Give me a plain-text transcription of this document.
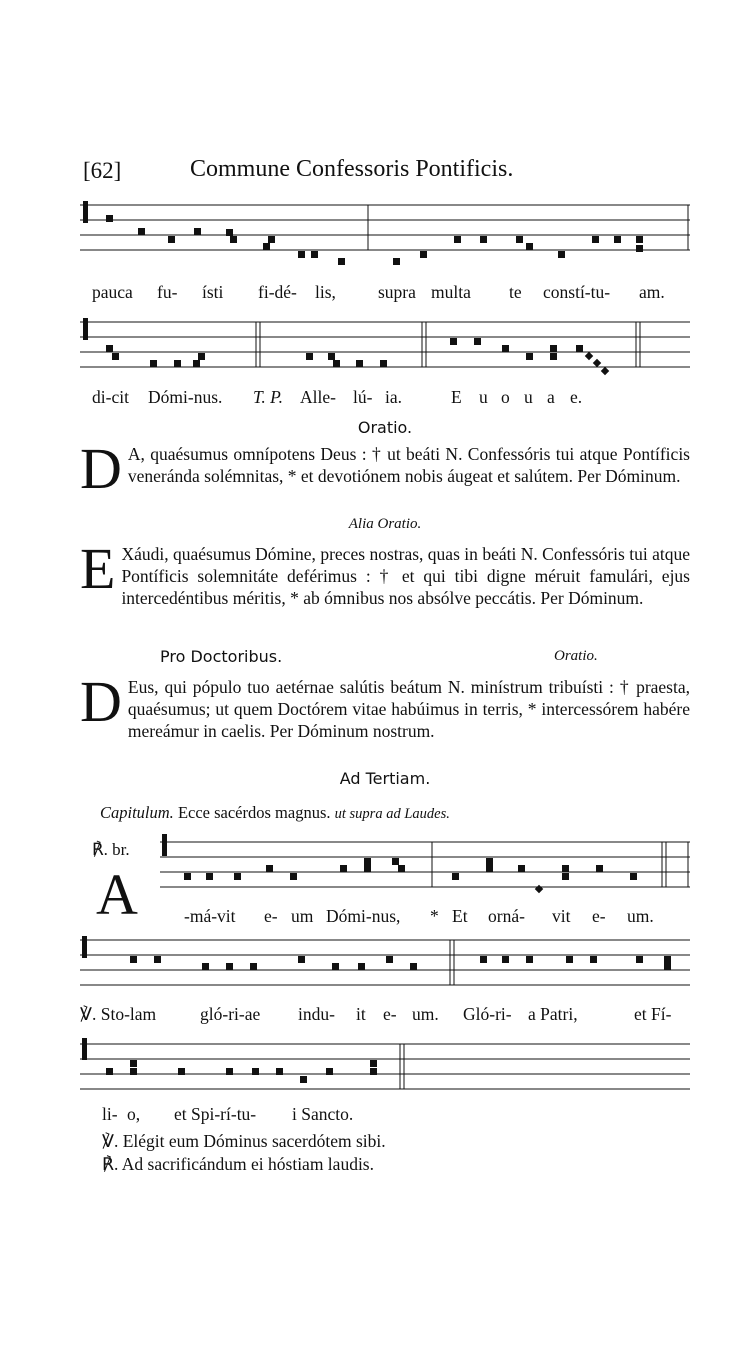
[62]	Commune Confessoris Pontificis.
pauca fu- ísti fi-dé- lis, supra multa te constí-tu- am.
di-cit Dómi-nus. T. P. Alle- lú- ia.	E u o u a e.
Oratio.
D A, quaésumus omnípotens Deus : † ut beáti N. Confessóris tui atque Pontíficis veneránda solémnitas, * et devotiónem nobis áugeat et salútem. Per Dóminum.
Alia Oratio.
E Xáudi, quaésumus Dómine, preces nostras, quas in beáti N. Confessóris tui atque Pontíficis solemnitáte deférimus : † et qui tibi digne méruit famulári, ejus intercedéntibus méritis, * ab ómnibus nos absólve peccátis. Per Dóminum.
Pro Doctoribus.	Oratio.
D Eus, qui pópulo tuo aetérnae salútis beátum N. minístrum tribuísti : † praesta, quaésumus; ut quem Doctórem vitae habúimus in terris, * intercessórem habére mereámur in caelis. Per Dóminum nostrum.
Ad Tertiam.
Capitulum. Ecce sacérdos magnus. ut supra ad Laudes.
℟. br.
A	-má-vit e- um Dómi-nus, * Et orná- vit e- um.
℣. Sto-lam	gló-ri-ae indu- it e- um. Gló-ri- a Patri,	et Fí-
li- o, et Spi-rí-tu- i Sancto.
℣. Elégit eum Dóminus sacerdótem sibi.
℟. Ad sacrificándum ei hóstiam laudis.
